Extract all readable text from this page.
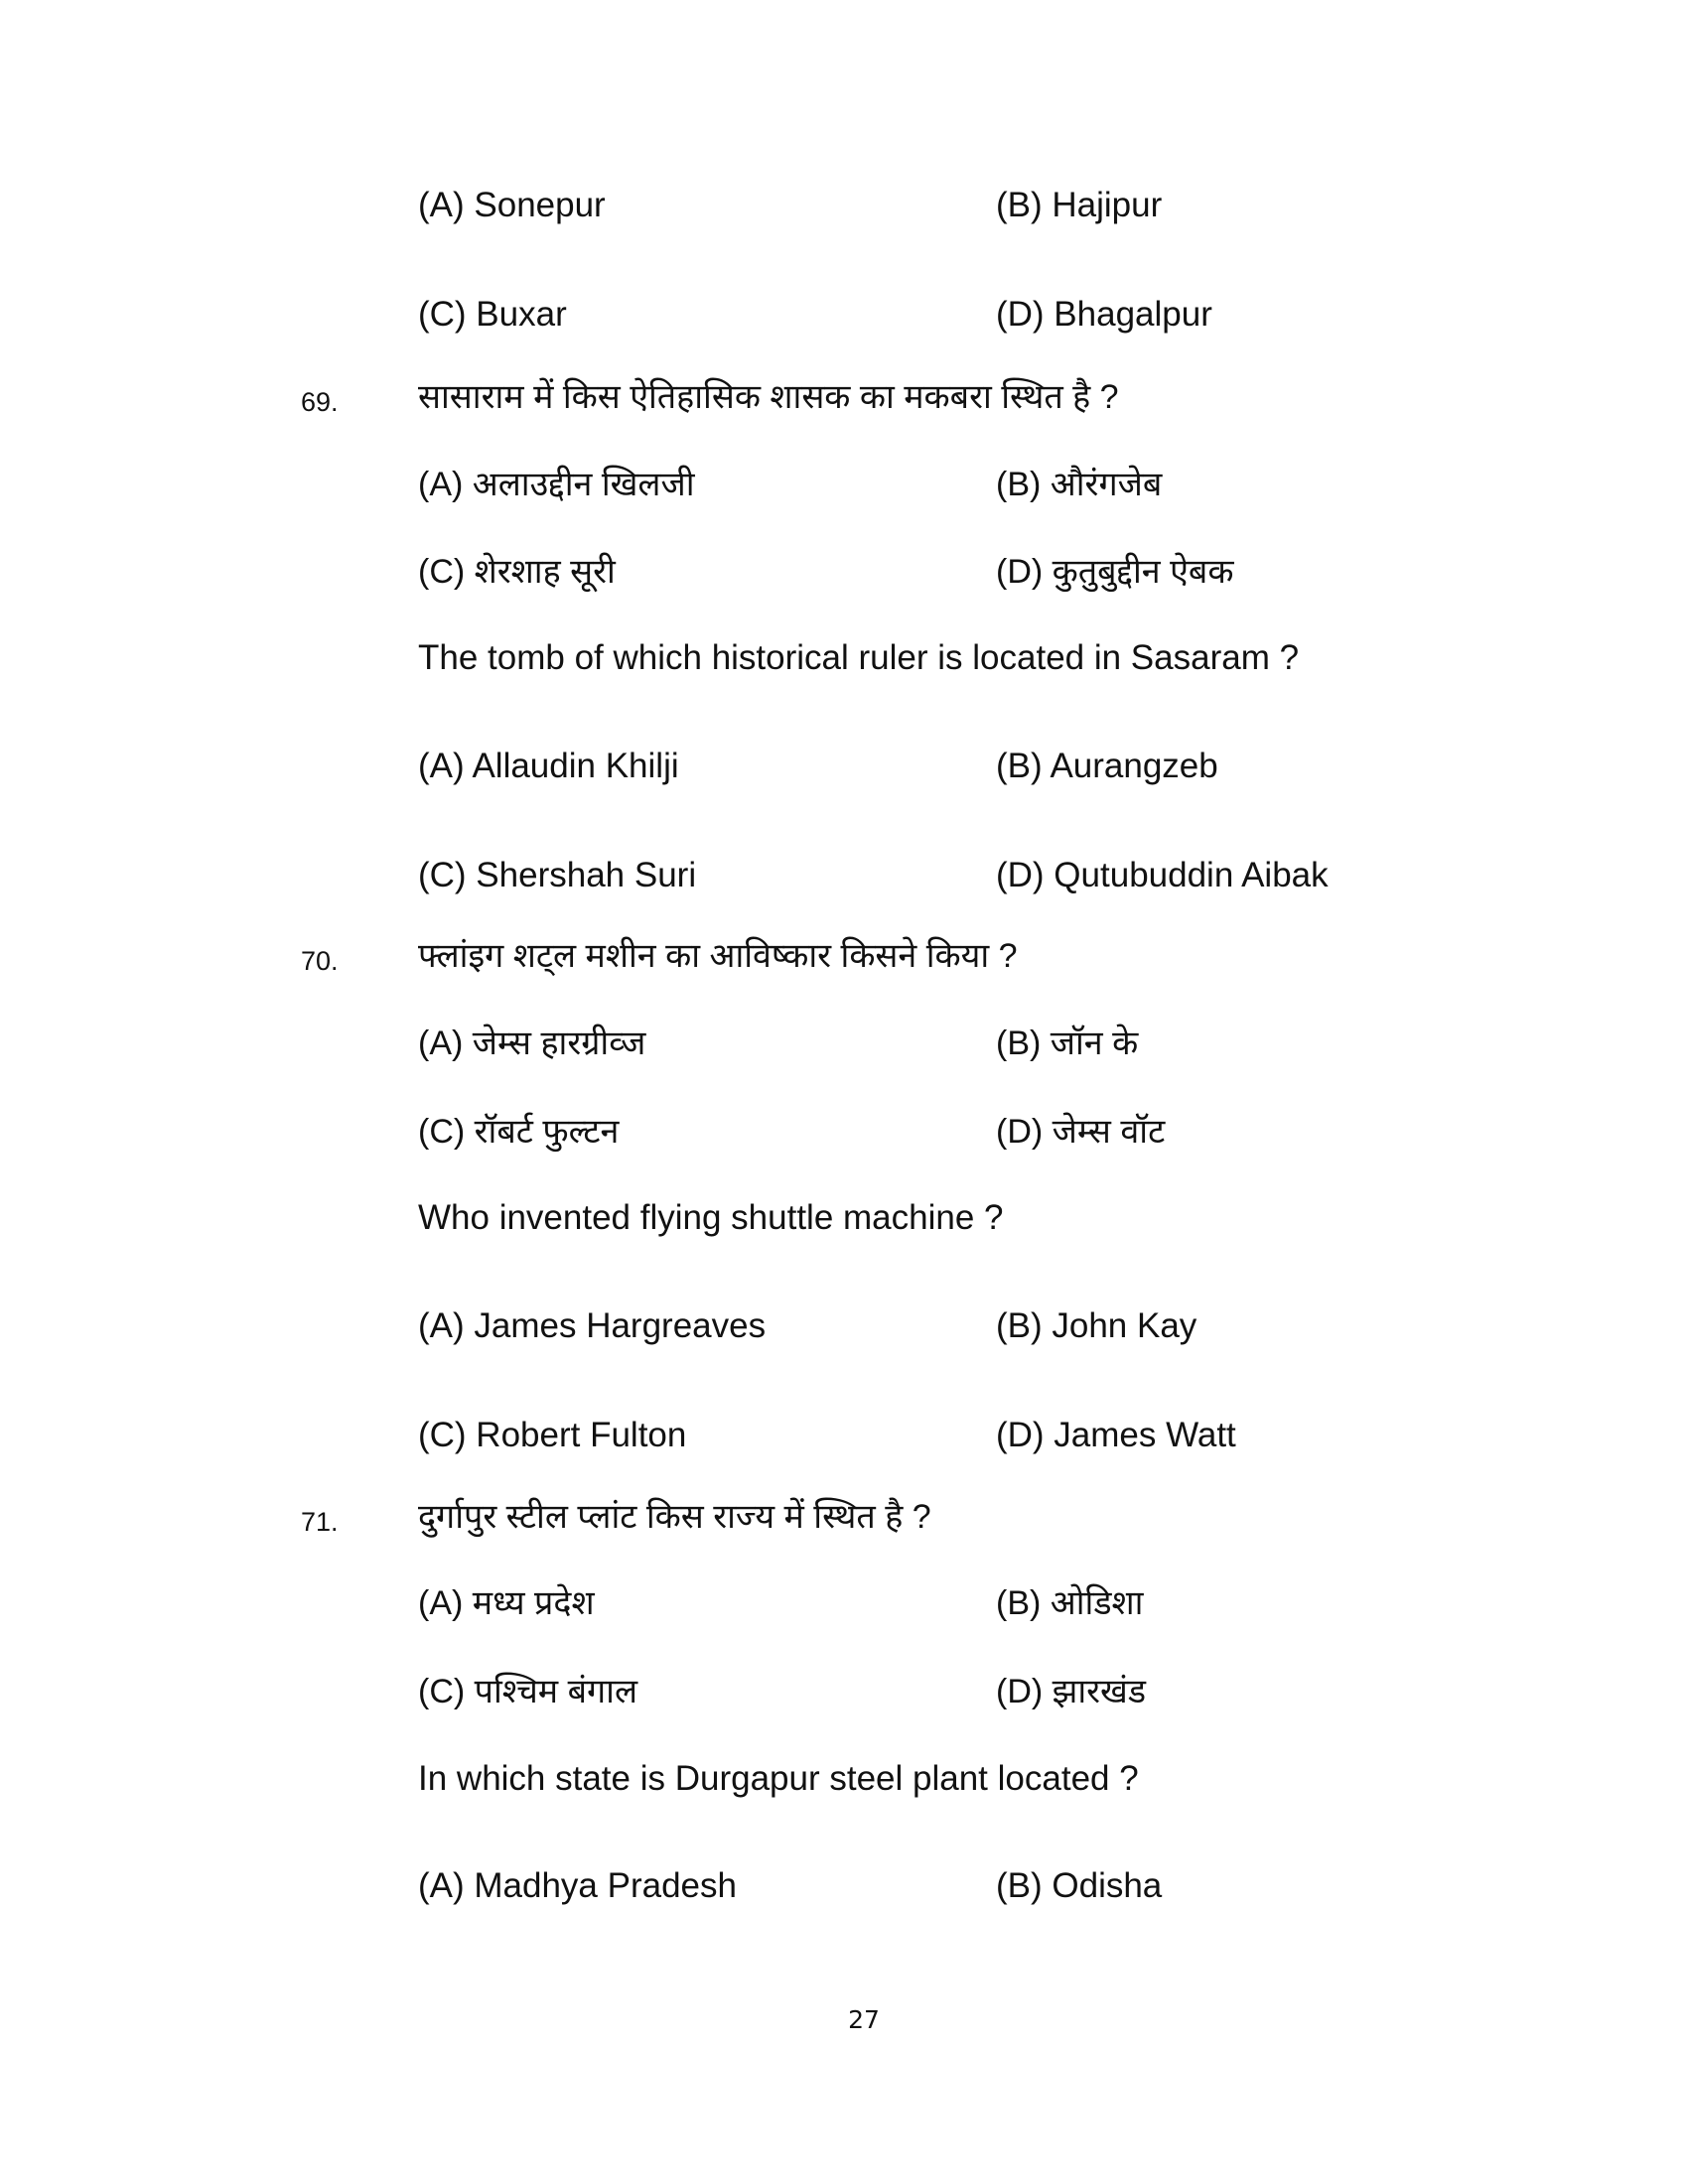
(A) Sonepur	(B) Hajipur
(C) Buxar	(D) Bhagalpur
69. सासाराम में किस ऐतिहासिक शासक का मकबरा स्थित है ?
(A) अलाउद्दीन खिलजी	(B) औरंगजेब
(C) शेरशाह सूरी	(D) कुतुबुद्दीन ऐबक
The tomb of which historical ruler is located in Sasaram ?
(A) Allaudin Khilji	(B) Aurangzeb
(C) Shershah Suri	(D) Qutubuddin Aibak
70. फ्लांइग शट्ल मशीन का आविष्कार किसने किया ?
(A) जेम्स हारग्रीव्ज	(B) जॉन के
(C) रॉबर्ट फुल्टन	(D) जेम्स वॉट
Who invented flying shuttle machine ?
(A) James Hargreaves	(B) John Kay
(C) Robert Fulton	(D) James Watt
71. दुर्गापुर स्टील प्लांट किस राज्य में स्थित है ?
(A) मध्य प्रदेश	(B) ओडिशा
(C) पश्चिम बंगाल	(D) झारखंड
In which state is Durgapur steel plant located ?
(A) Madhya Pradesh	(B) Odisha
27
